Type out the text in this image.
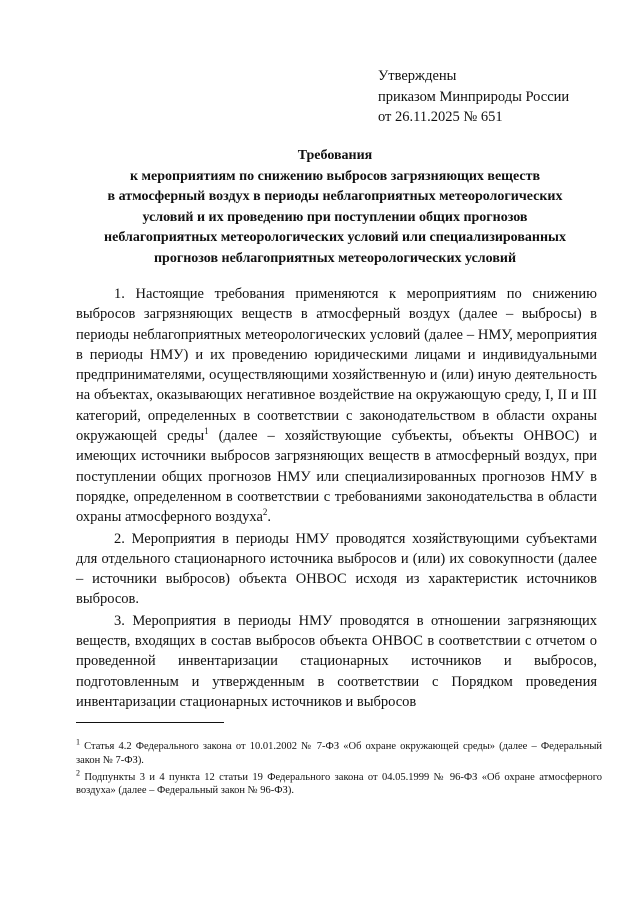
Утверждены
приказом Минприроды России
от 26.11.2025 № 651
Требования
к мероприятиям по снижению выбросов загрязняющих веществ
в атмосферный воздух в периоды неблагоприятных метеорологических
условий и их проведению при поступлении общих прогнозов
неблагоприятных метеорологических условий или специализированных
прогнозов неблагоприятных метеорологических условий

1. Настоящие требования применяются к мероприятиям по снижению выбросов загрязняющих веществ в атмосферный воздух (далее – выбросы) в периоды неблагоприятных метеорологических условий (далее – НМУ, мероприятия в периоды НМУ) и их проведению юридическими лицами и индивидуальными предпринимателями, осуществляющими хозяйственную и (или) иную деятельность на объектах, оказывающих негативное воздействие на окружающую среду, I, II и III категорий, определенных в соответствии с законодательством в области охраны окружающей среды$^1$ (далее – хозяйствующие субъекты, объекты ОНВОС) и имеющих источники выбросов загрязняющих веществ в атмосферный воздух, при поступлении общих прогнозов НМУ или специализированных прогнозов НМУ в порядке, определенном в соответствии с требованиями законодательства в области охраны атмосферного воздуха$^2$.

2. Мероприятия в периоды НМУ проводятся хозяйствующими субъектами для отдельного стационарного источника выбросов и (или) их совокупности (далее – источники выбросов) объекта ОНВОС исходя из характеристик источников выбросов.

3. Мероприятия в периоды НМУ проводятся в отношении загрязняющих веществ, входящих в состав выбросов объекта ОНВОС в соответствии с отчетом о проведенной инвентаризации стационарных источников и выбросов, подготовленным и утвержденным в соответствии с Порядком проведения инвентаризации стационарных источников и выбросов

$^1$ Статья 4.2 Федерального закона от 10.01.2002 № 7-ФЗ «Об охране окружающей среды» (далее – Федеральный закон № 7-ФЗ).
$^2$ Подпункты 3 и 4 пункта 12 статьи 19 Федерального закона от 04.05.1999 № 96-ФЗ «Об охране атмосферного воздуха» (далее – Федеральный закон № 96-ФЗ).
